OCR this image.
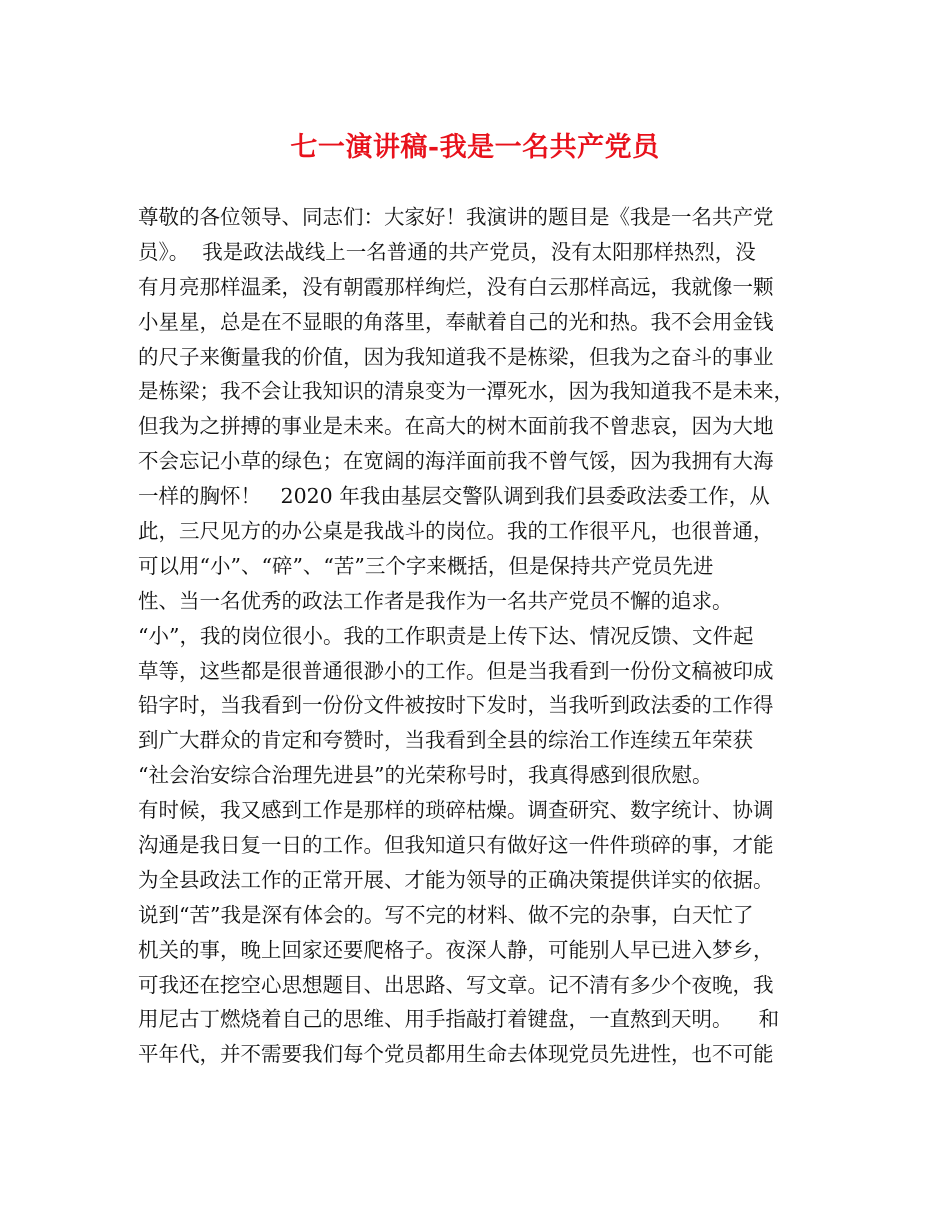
七一演讲稿-我是一名共产党员
尊敬的各位领导、同志们：大家好！我演讲的题目是《我是一名共产党
员》。  我是政法战线上一名普通的共产党员，没有太阳那样热烈，没
有月亮那样温柔，没有朝霞那样绚烂，没有白云那样高远，我就像一颗
小星星，总是在不显眼的角落里，奉献着自己的光和热。我不会用金钱
的尺子来衡量我的价值，因为我知道我不是栋梁，但我为之奋斗的事业
是栋梁；我不会让我知识的清泉变为一潭死水，因为我知道我不是未来，
但我为之拼搏的事业是未来。在高大的树木面前我不曾悲哀，因为大地
不会忘记小草的绿色；在宽阔的海洋面前我不曾气馁，因为我拥有大海
一样的胸怀！   2020 年我由基层交警队调到我们县委政法委工作，从
此，三尺见方的办公桌是我战斗的岗位。我的工作很平凡，也很普通，
可以用“小”、“碎”、“苦”三个字来概括，但是保持共产党员先进
性、当一名优秀的政法工作者是我作为一名共产党员不懈的追求。
“小”，我的岗位很小。我的工作职责是上传下达、情况反馈、文件起
草等，这些都是很普通很渺小的工作。但是当我看到一份份文稿被印成
铅字时，当我看到一份份文件被按时下发时，当我听到政法委的工作得
到广大群众的肯定和夸赞时，当我看到全县的综治工作连续五年荣获
“社会治安综合治理先进县”的光荣称号时，我真得感到很欣慰。
有时候，我又感到工作是那样的琐碎枯燥。调查研究、数字统计、协调
沟通是我日复一日的工作。但我知道只有做好这一件件琐碎的事，才能
为全县政法工作的正常开展、才能为领导的正确决策提供详实的依据。
说到“苦”我是深有体会的。写不完的材料、做不完的杂事，白天忙了
机关的事，晚上回家还要爬格子。夜深人静，可能别人早已进入梦乡，
可我还在挖空心思想题目、出思路、写文章。记不清有多少个夜晚，我
用尼古丁燃烧着自己的思维、用手指敲打着键盘，一直熬到天明。    和
平年代，并不需要我们每个党员都用生命去体现党员先进性，也不可能
